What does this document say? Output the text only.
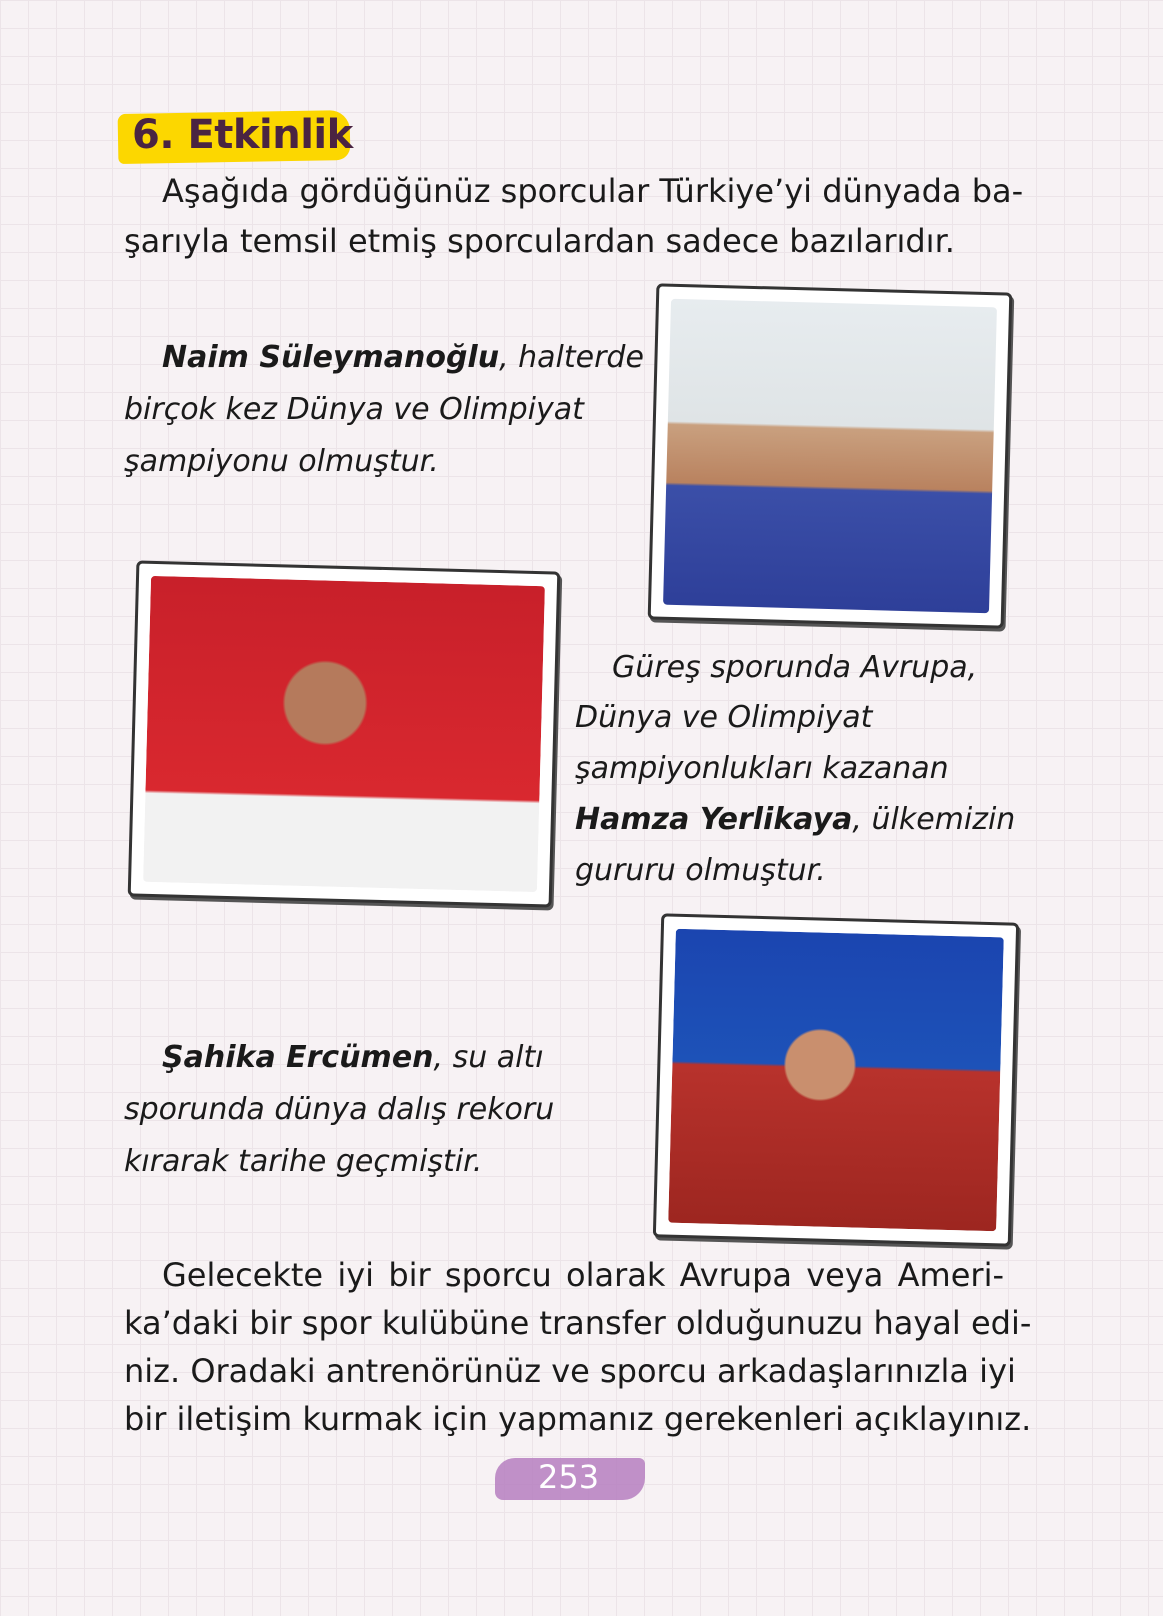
6. Etkinlik
Aşağıda gördüğünüz sporcular Türkiye’yi dünyada ba-
şarıyla temsil etmiş sporculardan sadece bazılarıdır.
Naim Süleymanoğlu, halterde
birçok kez Dünya ve Olimpiyat
şampiyonu olmuştur.
Güreş sporunda Avrupa,
Dünya ve Olimpiyat
şampiyonlukları kazanan
Hamza Yerlikaya, ülkemizin
gururu olmuştur.
Şahika Ercümen, su altı
sporunda dünya dalış rekoru
kırarak tarihe geçmiştir.
Gelecekte iyi bir sporcu olarak Avrupa veya Ameri-
ka’daki bir spor kulübüne transfer olduğunuzu hayal edi-
niz. Oradaki antrenörünüz ve sporcu arkadaşlarınızla iyi
bir iletişim kurmak için yapmanız gerekenleri açıklayınız.
253
